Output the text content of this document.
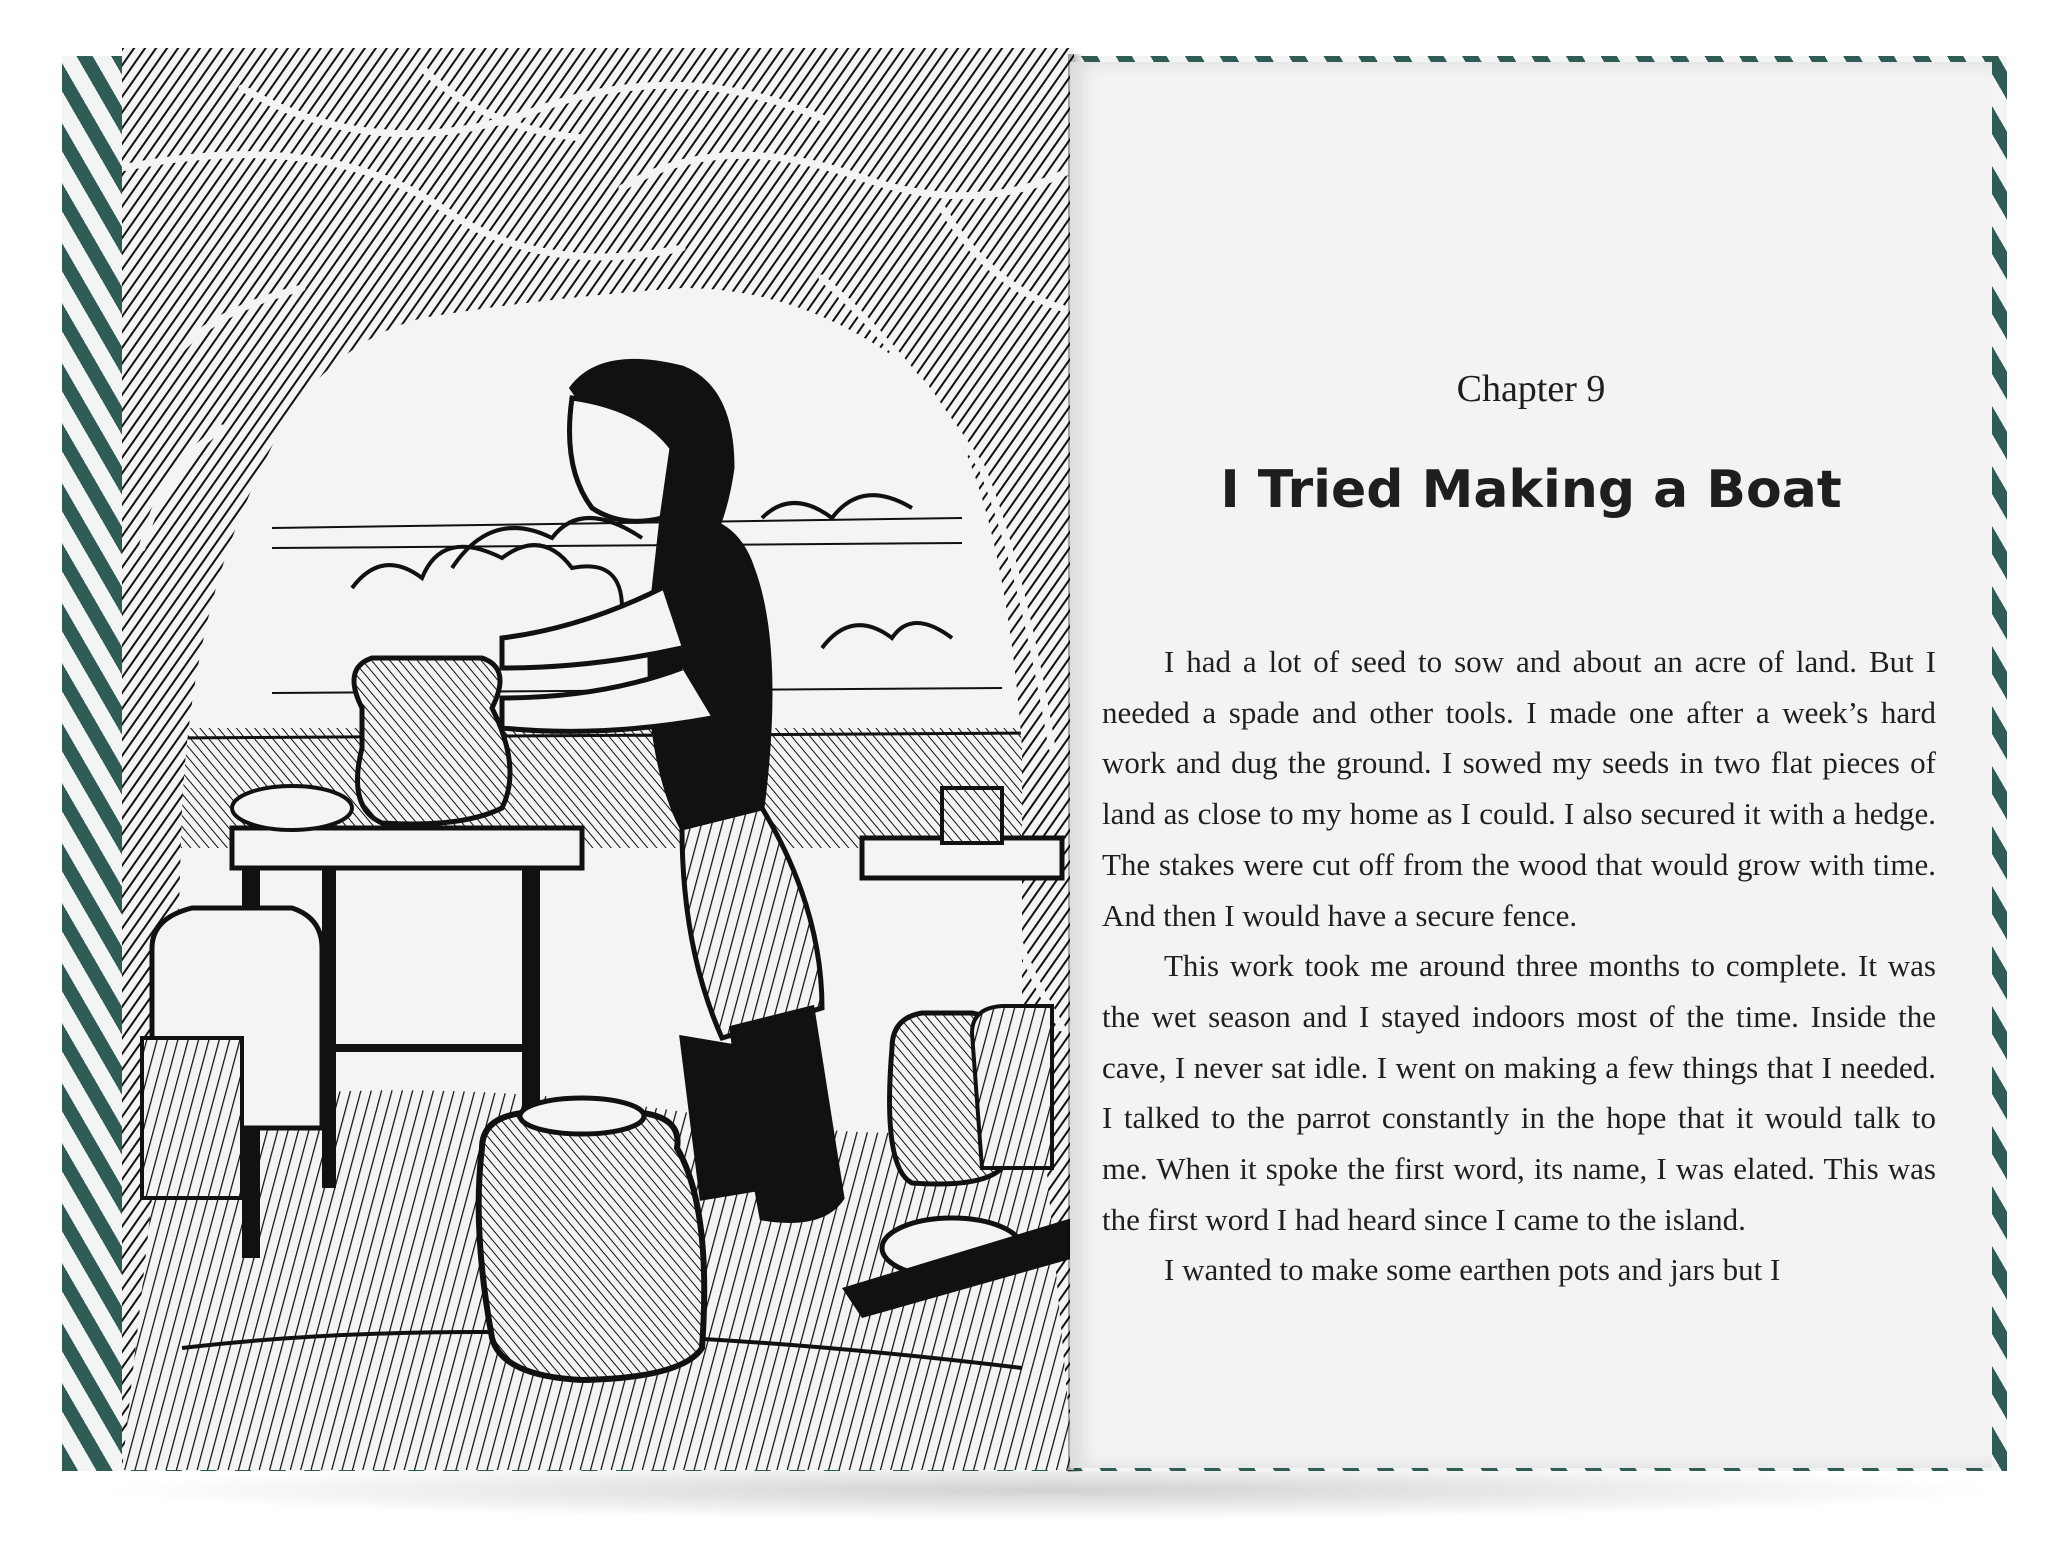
Chapter 9
I Tried Making a Boat

I had a lot of seed to sow and about an acre of land. But I needed a spade and other tools. I made one after a week’s hard work and dug the ground. I sowed my seeds in two flat pieces of land as close to my home as I could. I also secured it with a hedge. The stakes were cut off from the wood that would grow with time. And then I would have a secure fence.

This work took me around three months to complete. It was the wet season and I stayed indoors most of the time. Inside the cave, I never sat idle. I went on making a few things that I needed. I talked to the parrot constantly in the hope that it would talk to me. When it spoke the first word, its name, I was elated. This was the first word I had heard since I came to the island.

I wanted to make some earthen pots and jars but I
